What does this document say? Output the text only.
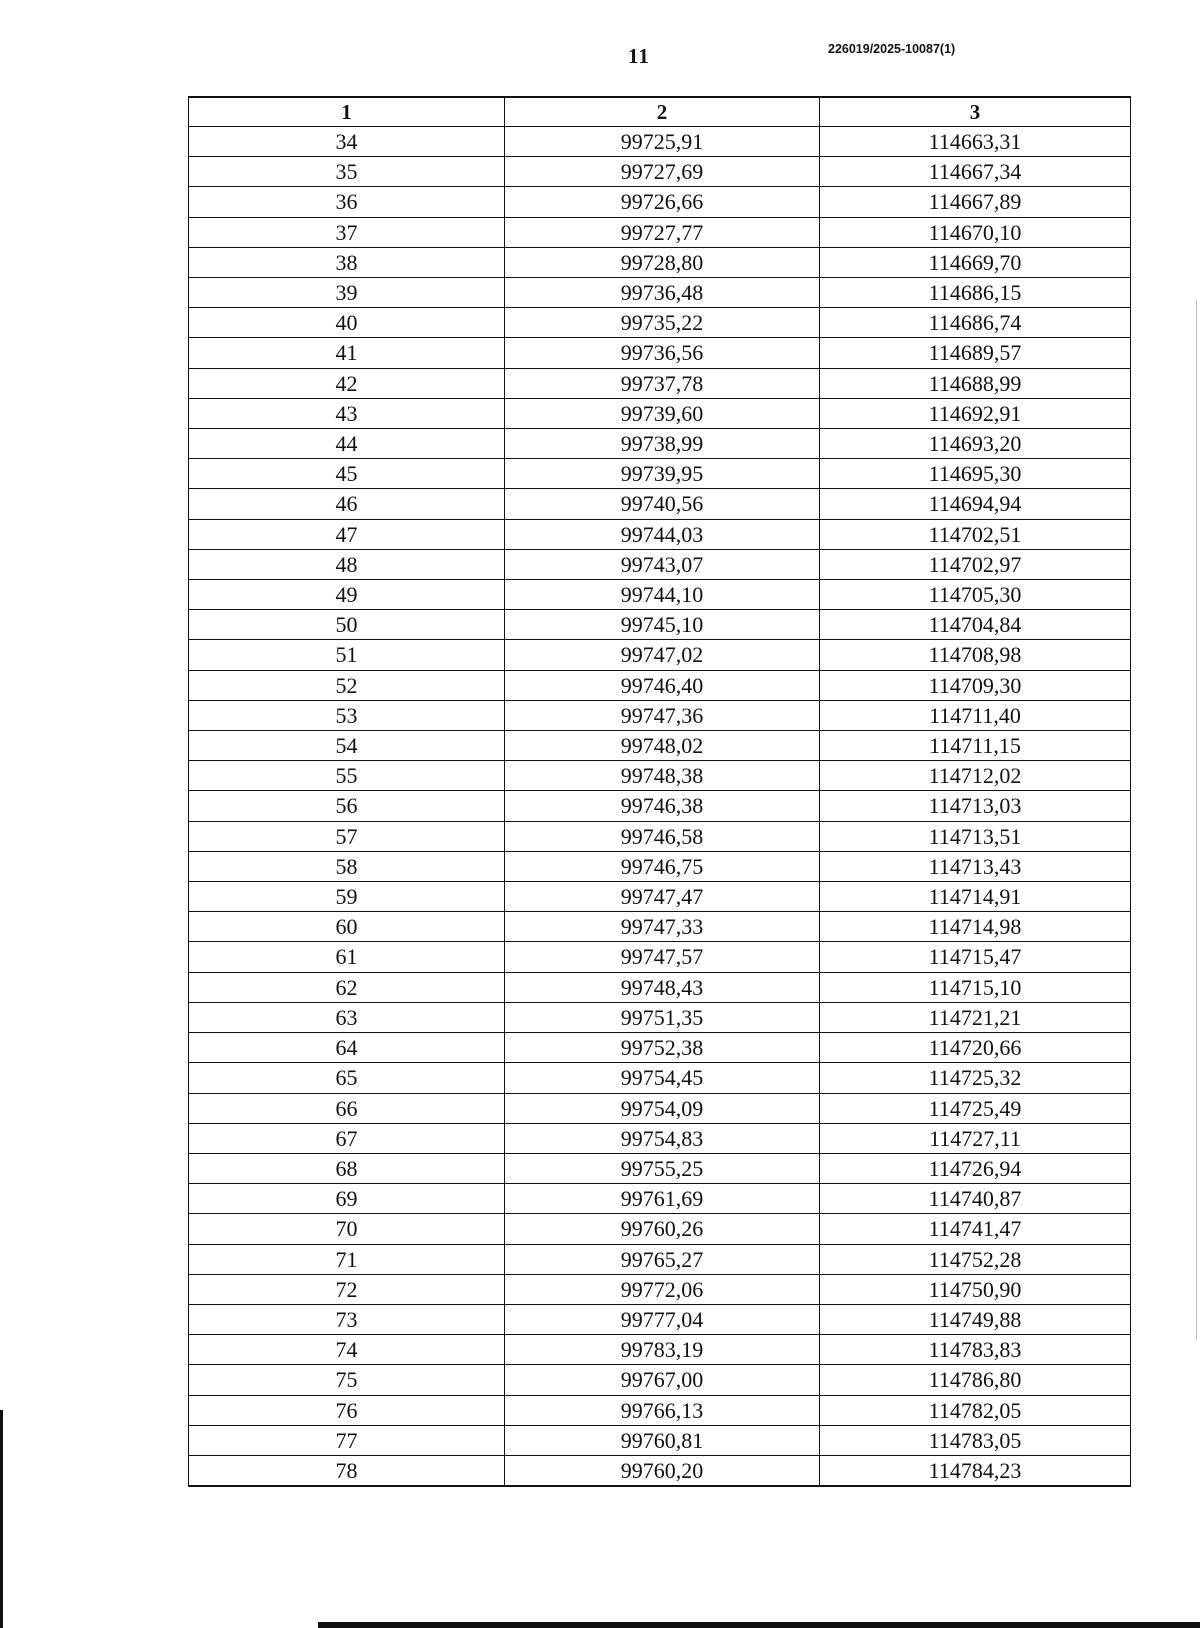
11	226019/2025-10087(1)
1	2	3
34	99725,91	114663,31
35	99727,69	114667,34
36	99726,66	114667,89
37	99727,77	114670,10
38	99728,80	114669,70
39	99736,48	114686,15
40	99735,22	114686,74
41	99736,56	114689,57
42	99737,78	114688,99
43	99739,60	114692,91
44	99738,99	114693,20
45	99739,95	114695,30
46	99740,56	114694,94
47	99744,03	114702,51
48	99743,07	114702,97
49	99744,10	114705,30
50	99745,10	114704,84
51	99747,02	114708,98
52	99746,40	114709,30
53	99747,36	114711,40
54	99748,02	114711,15
55	99748,38	114712,02
56	99746,38	114713,03
57	99746,58	114713,51
58	99746,75	114713,43
59	99747,47	114714,91
60	99747,33	114714,98
61	99747,57	114715,47
62	99748,43	114715,10
63	99751,35	114721,21
64	99752,38	114720,66
65	99754,45	114725,32
66	99754,09	114725,49
67	99754,83	114727,11
68	99755,25	114726,94
69	99761,69	114740,87
70	99760,26	114741,47
71	99765,27	114752,28
72	99772,06	114750,90
73	99777,04	114749,88
74	99783,19	114783,83
75	99767,00	114786,80
76	99766,13	114782,05
77	99760,81	114783,05
78	99760,20	114784,23
